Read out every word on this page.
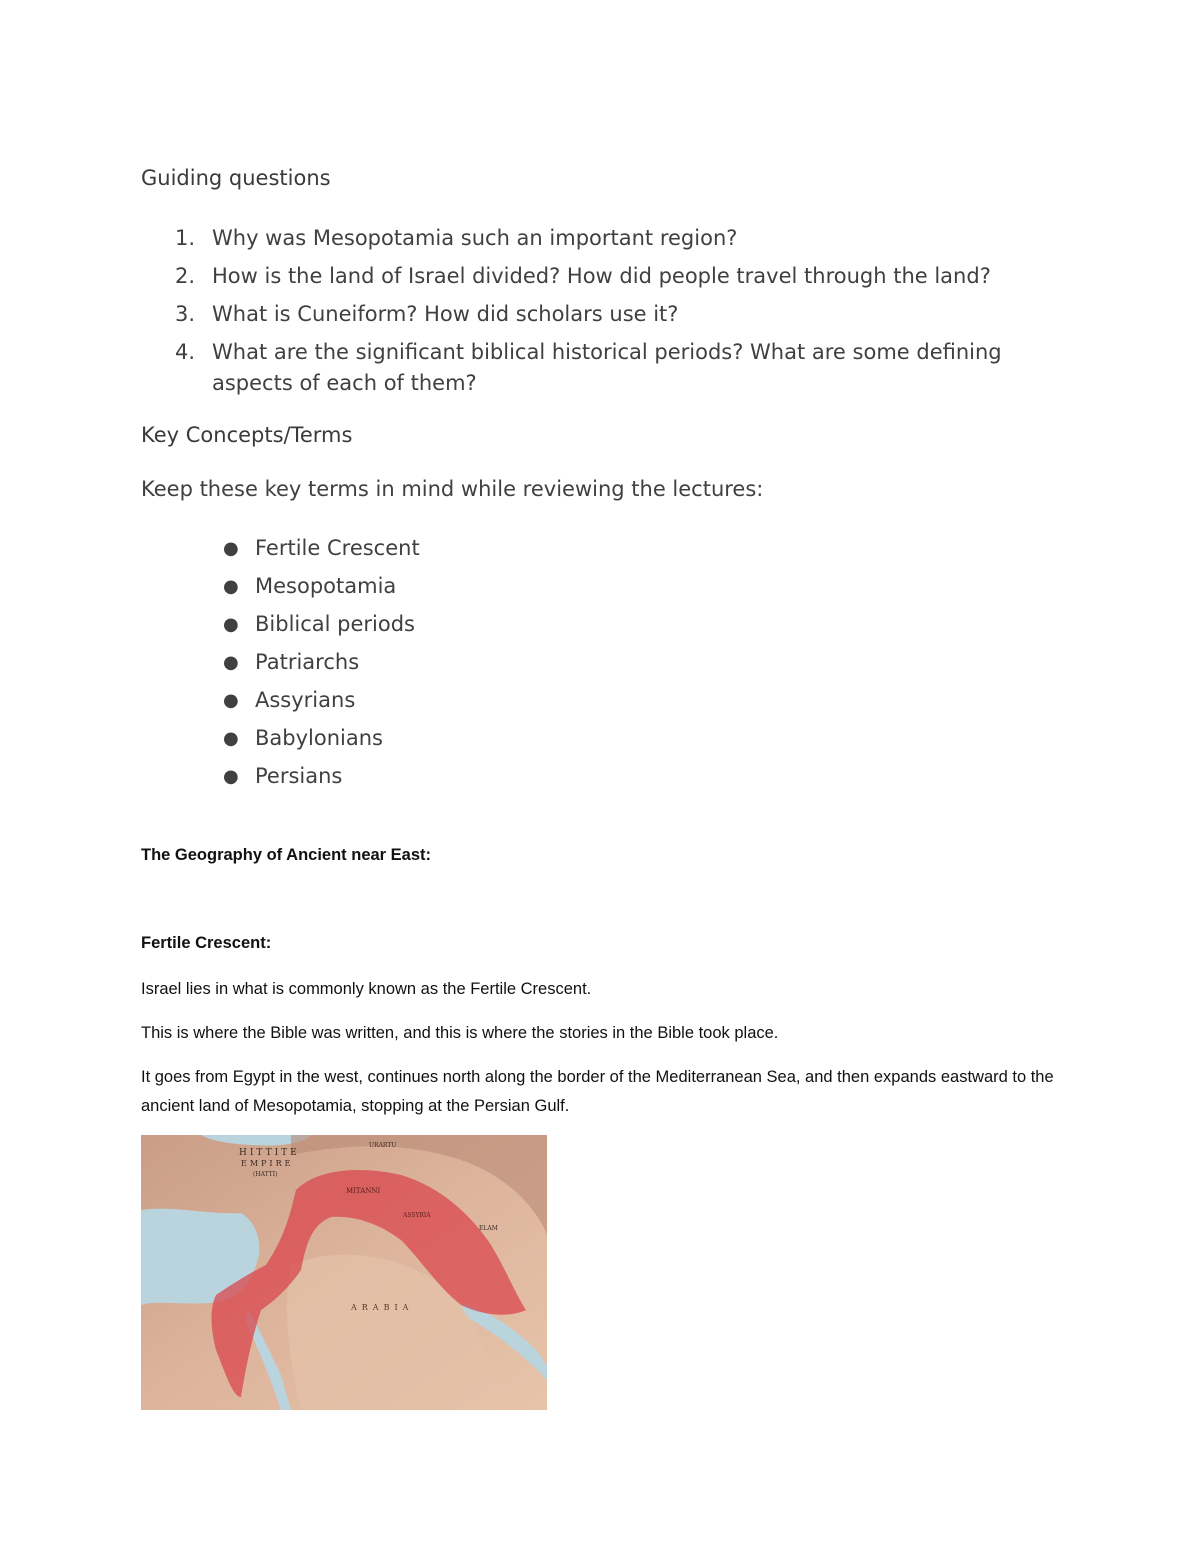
Guiding questions
1. Why was Mesopotamia such an important region?
2. How is the land of Israel divided? How did people travel through the land?
3. What is Cuneiform? How did scholars use it?
4. What are the significant biblical historical periods? What are some defining aspects of each of them?
Key Concepts/Terms

Keep these key terms in mind while reviewing the lectures:

● Fertile Crescent
● Mesopotamia
● Biblical periods
● Patriarchs
● Assyrians
● Babylonians
● Persians

The Geography of Ancient near East:

Fertile Crescent:

Israel lies in what is commonly known as the Fertile Crescent.

This is where the Bible was written, and this is where the stories in the Bible took place.

It goes from Egypt in the west, continues north along the border of the Mediterranean Sea, and then expands eastward to the ancient land of Mesopotamia, stopping at the Persian Gulf.

HITTITE
EMPIRE
(HATTI)
MITANNI
ASSYRIA
ARABIA
URARTU
ELAM
